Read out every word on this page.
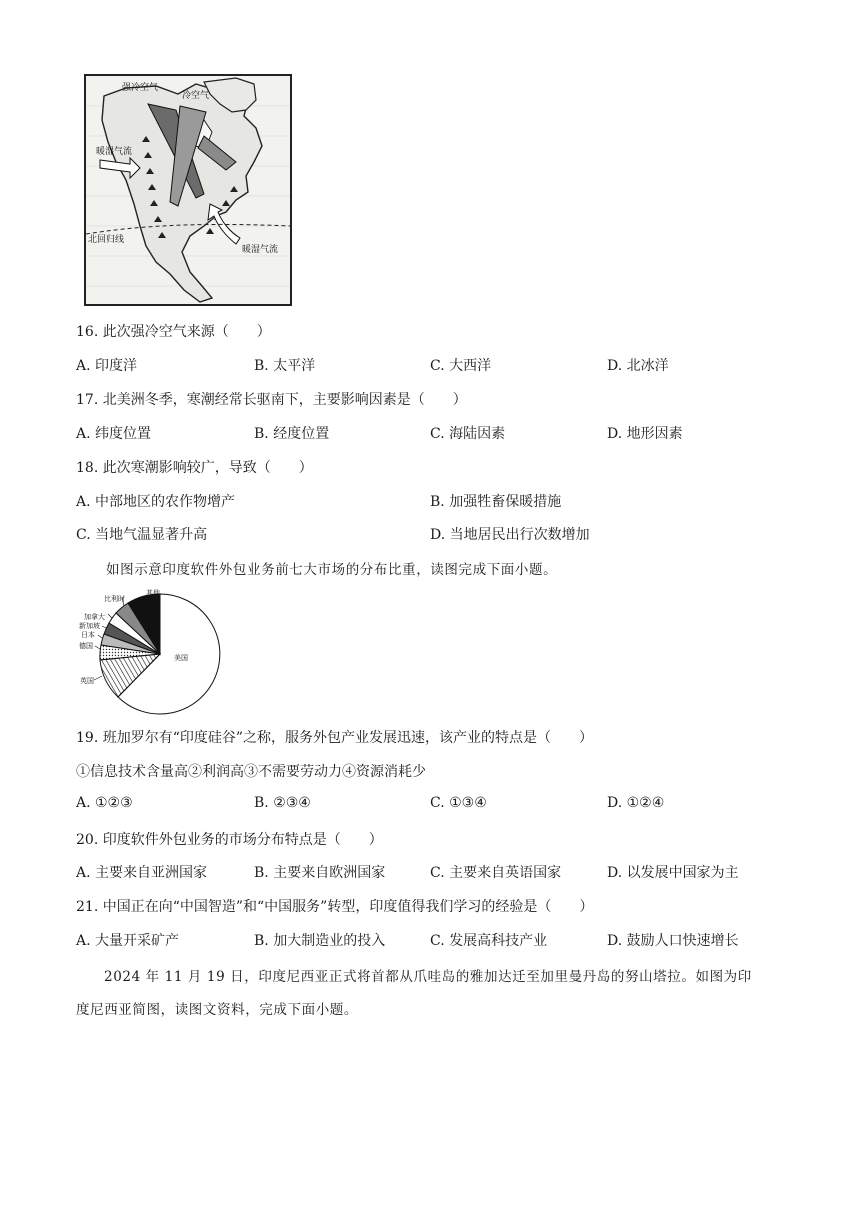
强冷空气
冷空气
暖湿气流
暖湿气流
北回归线
16. 此次强冷空气来源（　　）
A. 印度洋	B. 太平洋	C. 大西洋	D. 北冰洋
17. 北美洲冬季，寒潮经常长驱南下，主要影响因素是（　　）
A. 纬度位置	B. 经度位置	C. 海陆因素	D. 地形因素
18. 此次寒潮影响较广，导致（　　）
A. 中部地区的农作物增产	B. 加强牲畜保暖措施
C. 当地气温显著升高	D. 当地居民出行次数增加
如图示意印度软件外包业务前七大市场的分布比重，读图完成下面小题。
美国
英国
德国
日本
新加坡
加拿大
比利时
其他
19. 班加罗尔有“印度硅谷”之称，服务外包产业发展迅速，该产业的特点是（　　）
①信息技术含量高②利润高③不需要劳动力④资源消耗少
A. ①②③	B. ②③④	C. ①③④	D. ①②④
20. 印度软件外包业务的市场分布特点是（　　）
A. 主要来自亚洲国家	B. 主要来自欧洲国家	C. 主要来自英语国家	D. 以发展中国家为主
21. 中国正在向“中国智造”和“中国服务”转型，印度值得我们学习的经验是（　　）
A. 大量开采矿产	B. 加大制造业的投入	C. 发展高科技产业	D. 鼓励人口快速增长
2024 年 11 月 19 日，印度尼西亚正式将首都从爪哇岛的雅加达迁至加里曼丹岛的努山塔拉。如图为印
度尼西亚简图，读图文资料，完成下面小题。
